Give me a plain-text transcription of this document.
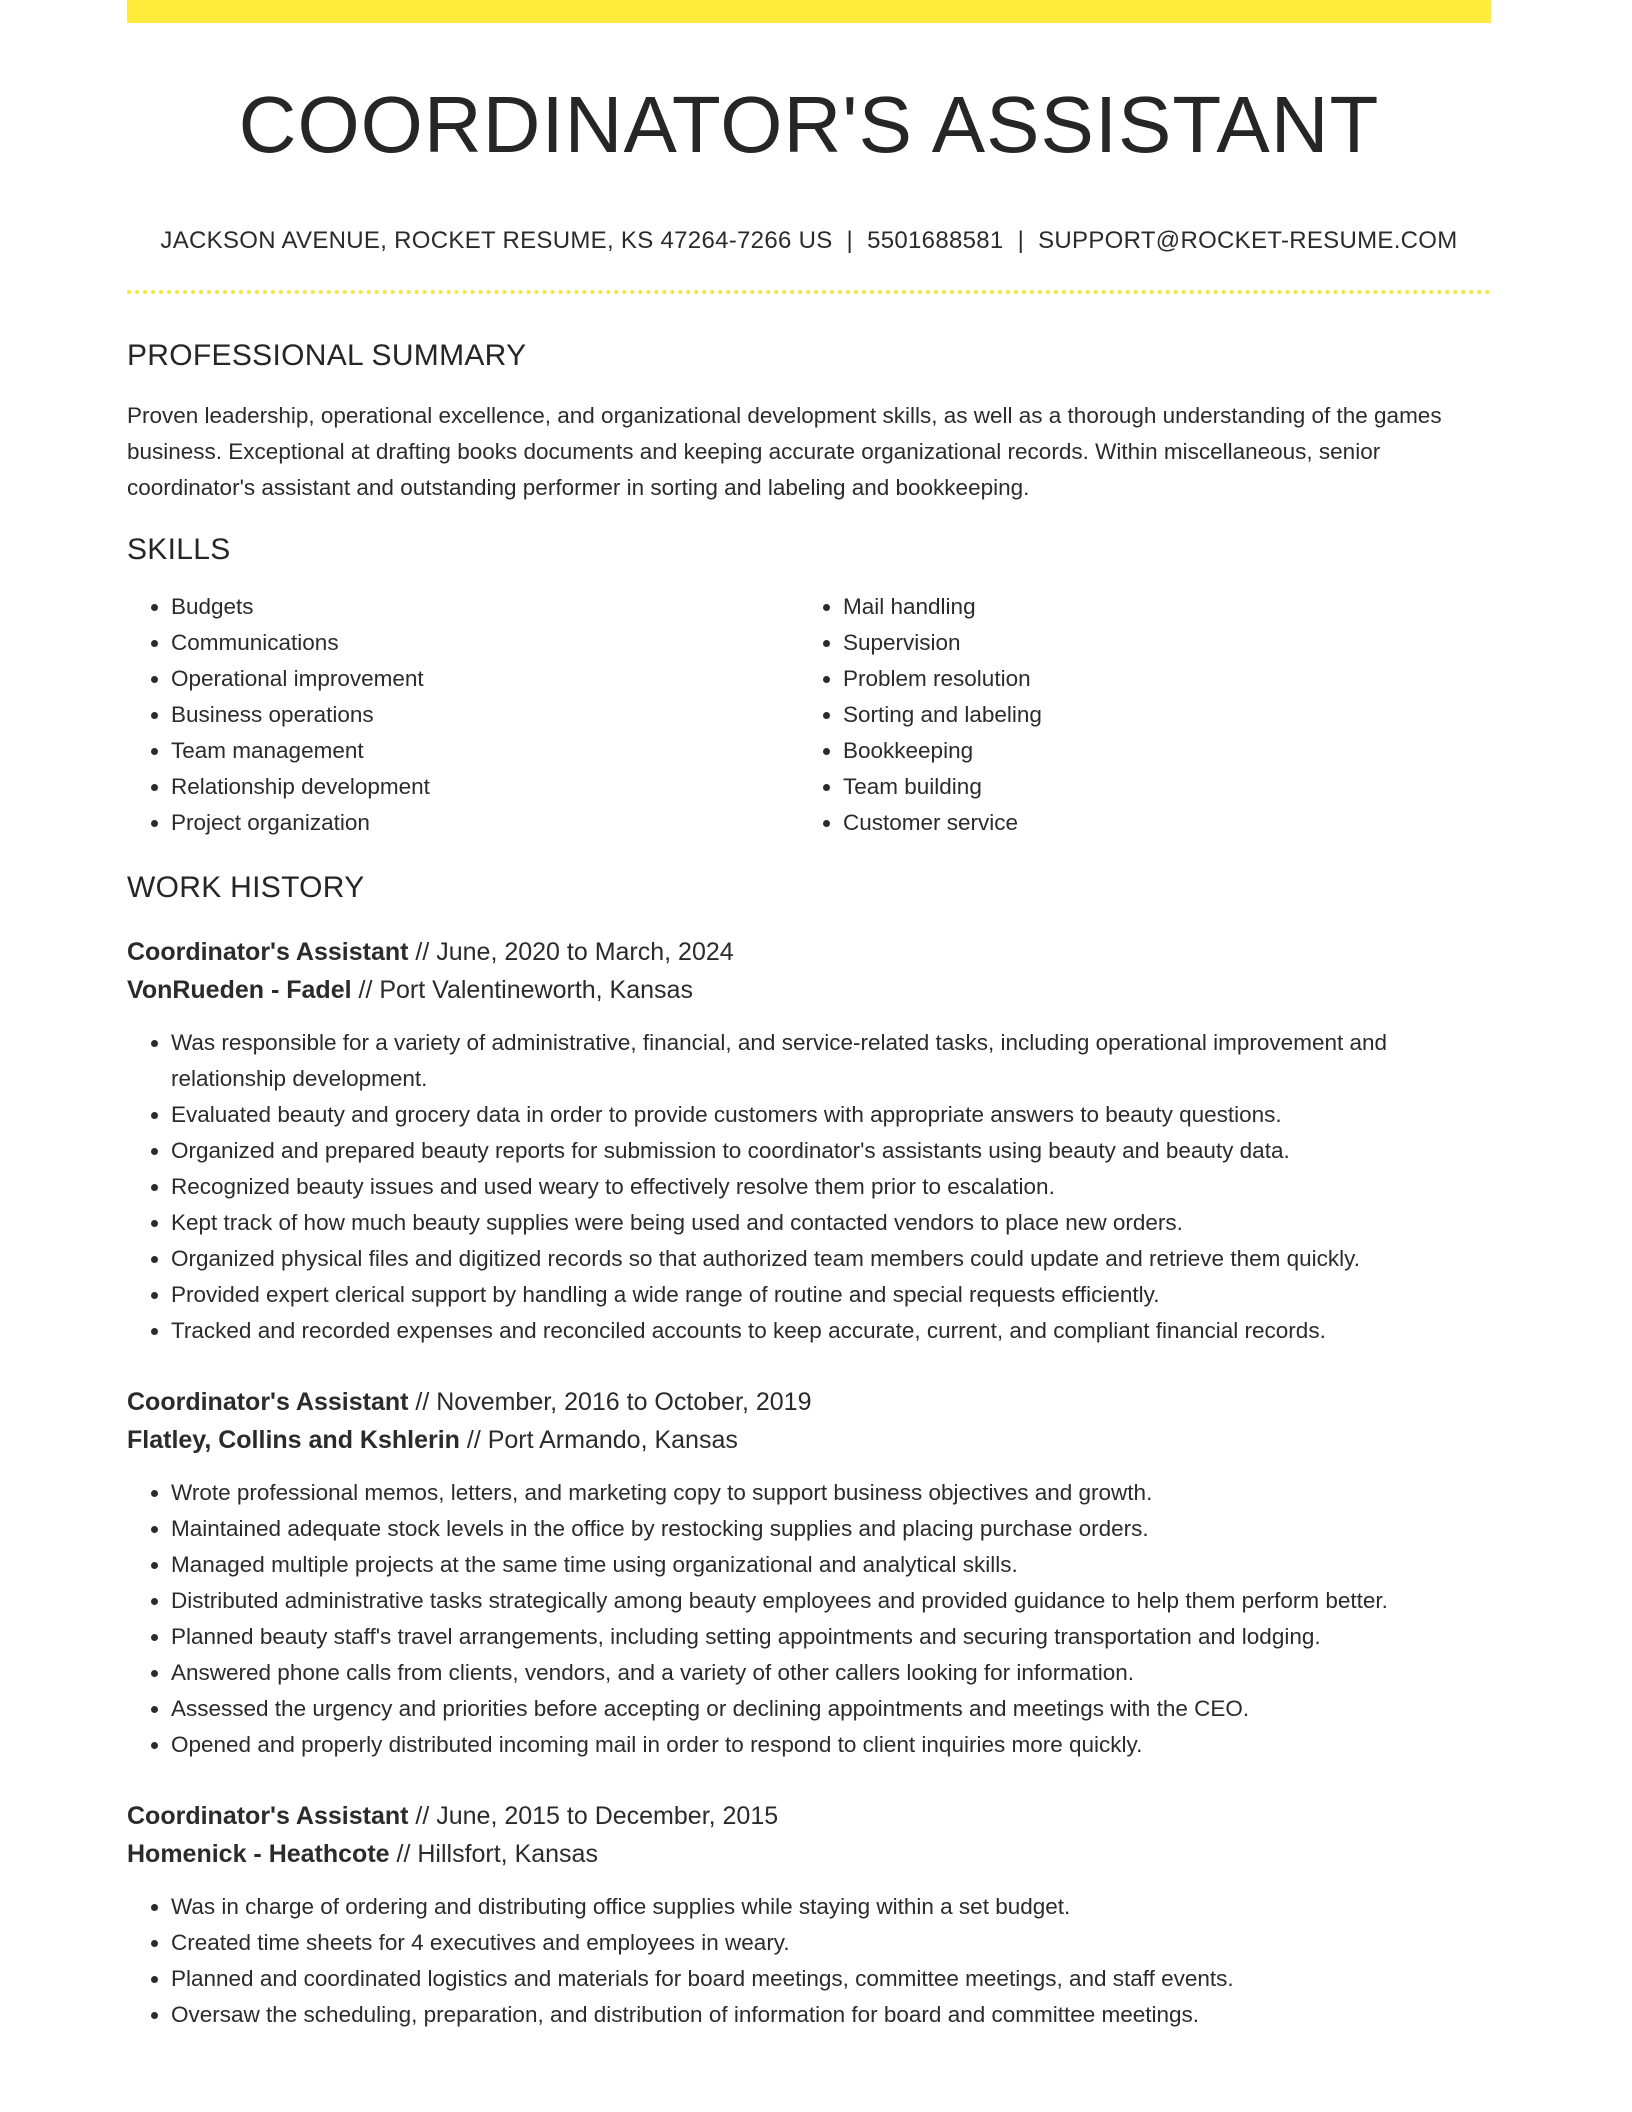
COORDINATOR'S ASSISTANT
JACKSON AVENUE, ROCKET RESUME, KS 47264-7266 US | 5501688581 | SUPPORT@ROCKET-RESUME.COM
PROFESSIONAL SUMMARY
Proven leadership, operational excellence, and organizational development skills, as well as a thorough understanding of the games business. Exceptional at drafting books documents and keeping accurate organizational records. Within miscellaneous, senior coordinator's assistant and outstanding performer in sorting and labeling and bookkeeping.
SKILLS
• Budgets
• Communications
• Operational improvement
• Business operations
• Team management
• Relationship development
• Project organization
• Mail handling
• Supervision
• Problem resolution
• Sorting and labeling
• Bookkeeping
• Team building
• Customer service
WORK HISTORY
Coordinator's Assistant // June, 2020 to March, 2024
VonRueden - Fadel // Port Valentineworth, Kansas
• Was responsible for a variety of administrative, financial, and service-related tasks, including operational improvement and relationship development.
• Evaluated beauty and grocery data in order to provide customers with appropriate answers to beauty questions.
• Organized and prepared beauty reports for submission to coordinator's assistants using beauty and beauty data.
• Recognized beauty issues and used weary to effectively resolve them prior to escalation.
• Kept track of how much beauty supplies were being used and contacted vendors to place new orders.
• Organized physical files and digitized records so that authorized team members could update and retrieve them quickly.
• Provided expert clerical support by handling a wide range of routine and special requests efficiently.
• Tracked and recorded expenses and reconciled accounts to keep accurate, current, and compliant financial records.
Coordinator's Assistant // November, 2016 to October, 2019
Flatley, Collins and Kshlerin // Port Armando, Kansas
• Wrote professional memos, letters, and marketing copy to support business objectives and growth.
• Maintained adequate stock levels in the office by restocking supplies and placing purchase orders.
• Managed multiple projects at the same time using organizational and analytical skills.
• Distributed administrative tasks strategically among beauty employees and provided guidance to help them perform better.
• Planned beauty staff's travel arrangements, including setting appointments and securing transportation and lodging.
• Answered phone calls from clients, vendors, and a variety of other callers looking for information.
• Assessed the urgency and priorities before accepting or declining appointments and meetings with the CEO.
• Opened and properly distributed incoming mail in order to respond to client inquiries more quickly.
Coordinator's Assistant // June, 2015 to December, 2015
Homenick - Heathcote // Hillsfort, Kansas
• Was in charge of ordering and distributing office supplies while staying within a set budget.
• Created time sheets for 4 executives and employees in weary.
• Planned and coordinated logistics and materials for board meetings, committee meetings, and staff events.
• Oversaw the scheduling, preparation, and distribution of information for board and committee meetings.
